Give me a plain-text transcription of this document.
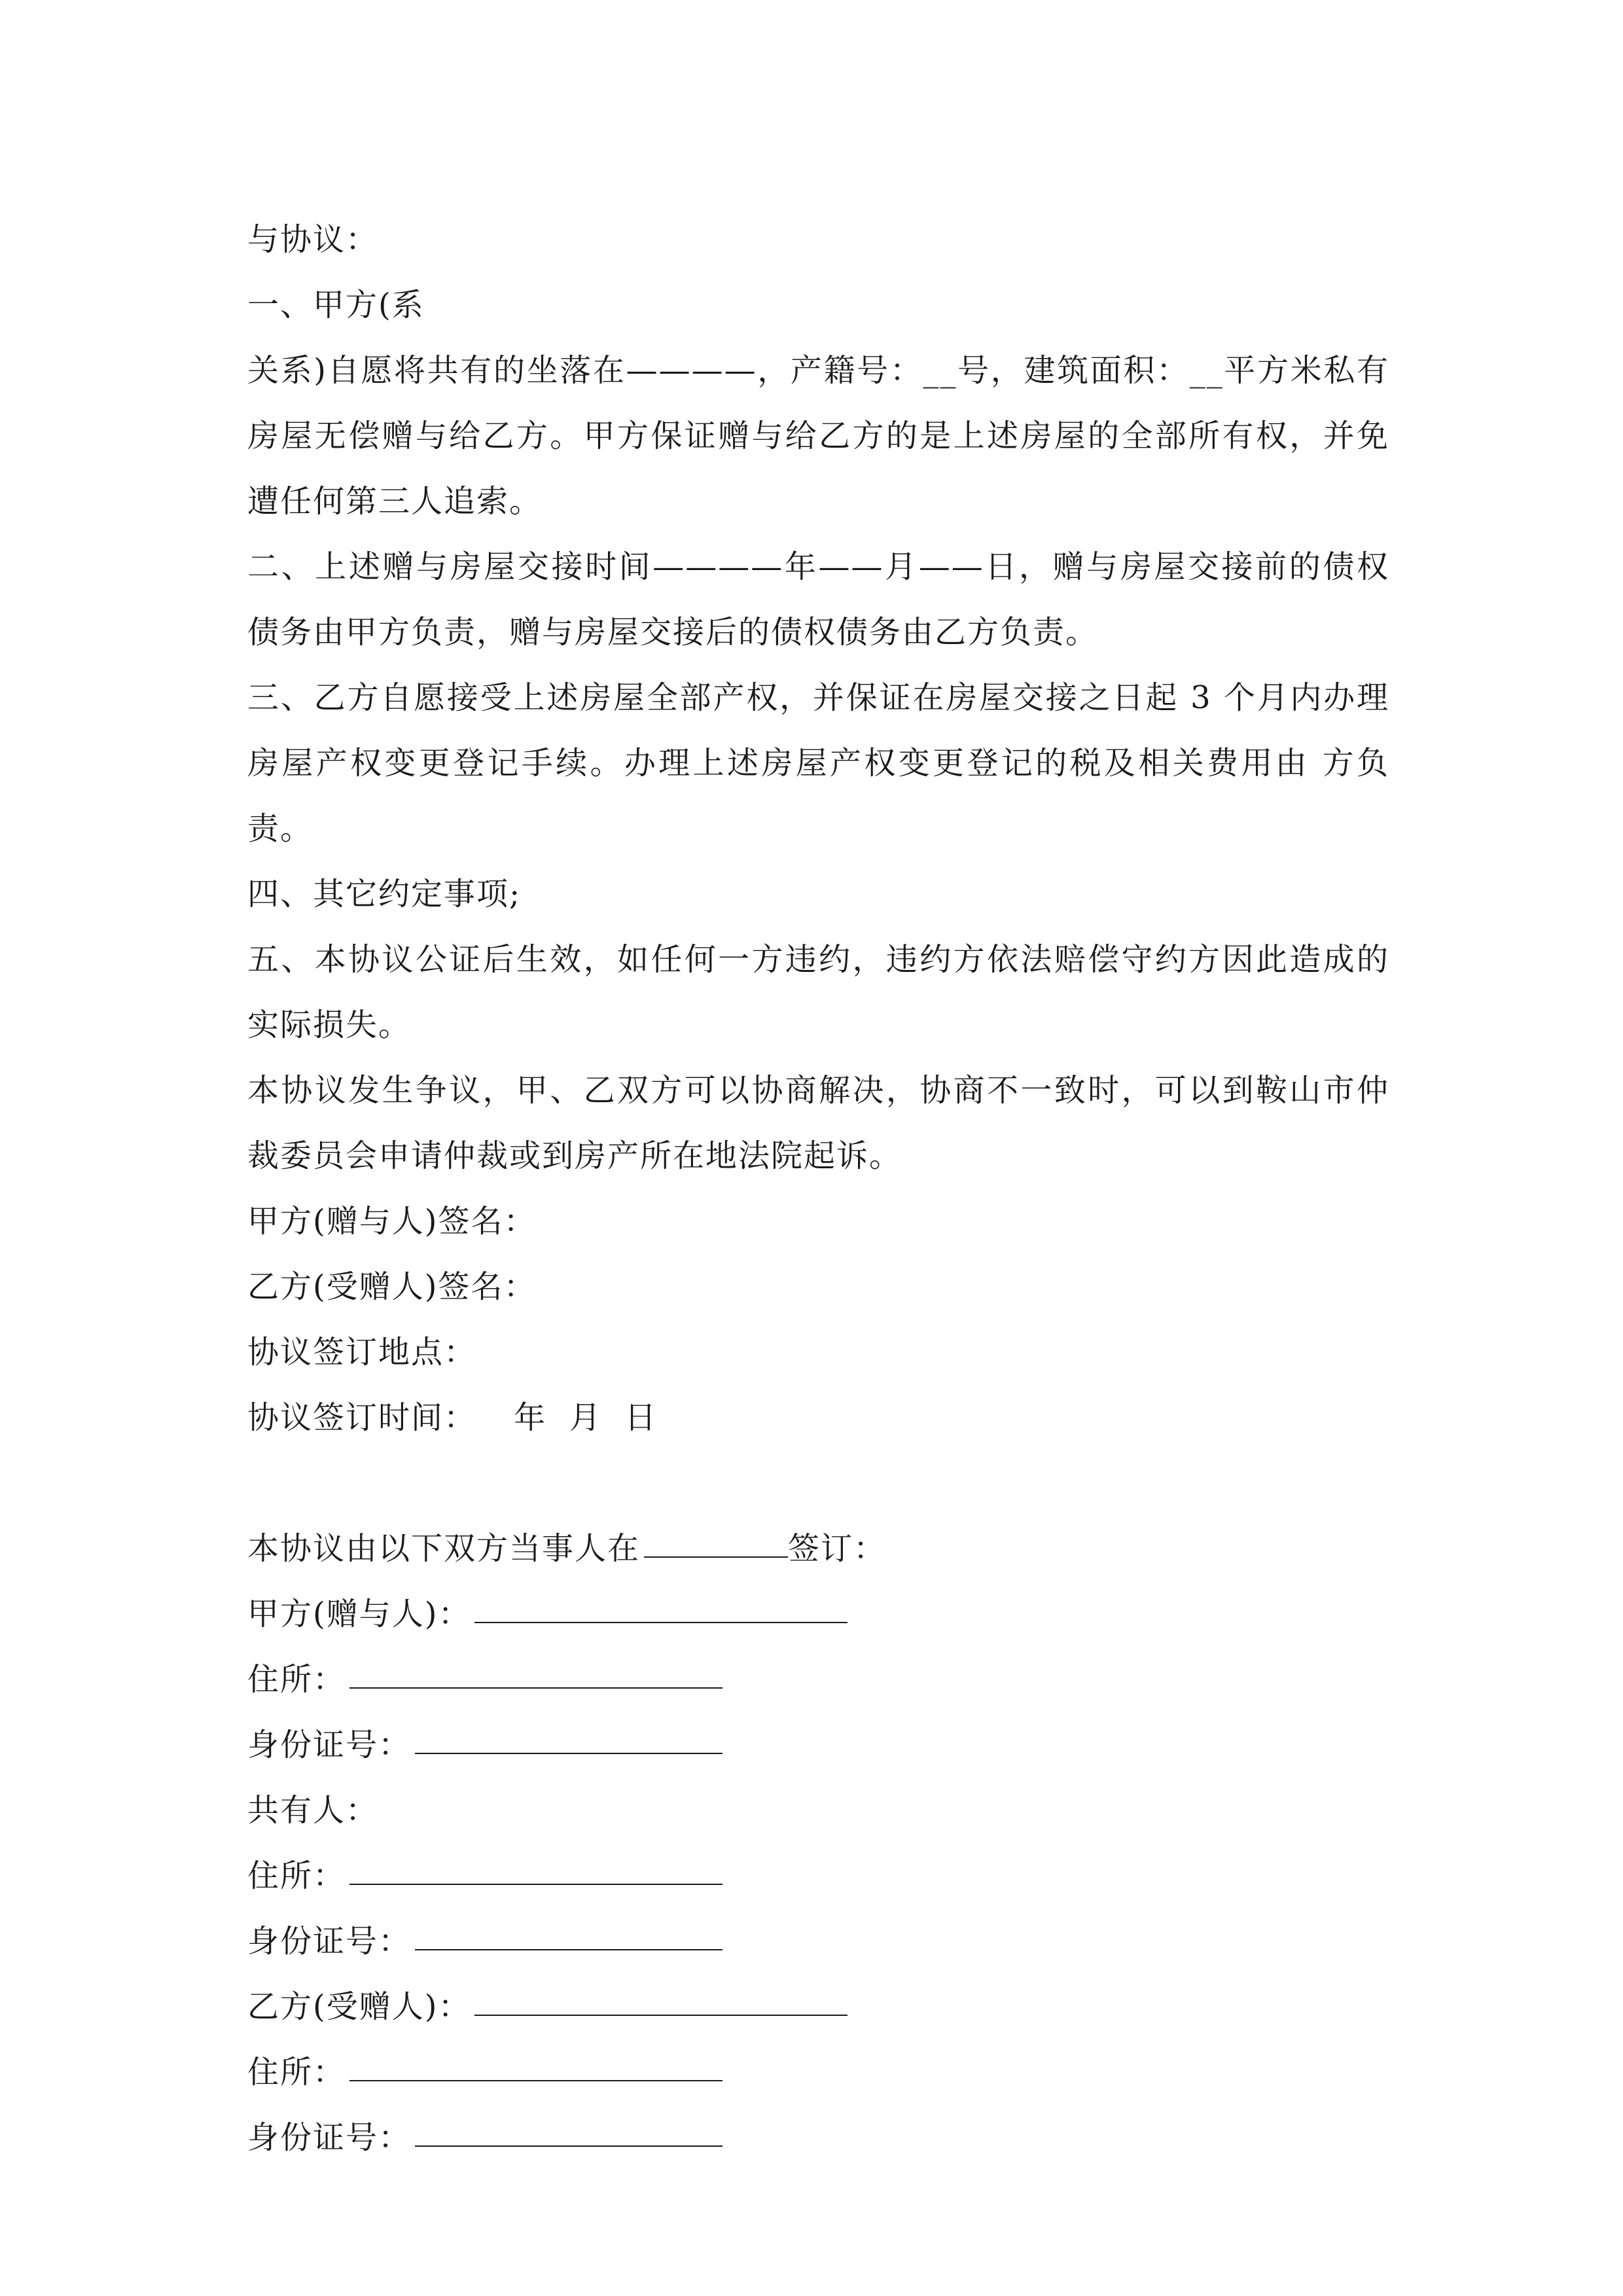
与协议：
一、甲方(系
关系)自愿将共有的坐落在————，产籍号：__号，建筑面积：__平方米私有房屋无偿赠与给乙方。甲方保证赠与给乙方的是上述房屋的全部所有权，并免遭任何第三人追索。
二、上述赠与房屋交接时间————年——月——日，赠与房屋交接前的债权债务由甲方负责，赠与房屋交接后的债权债务由乙方负责。
三、乙方自愿接受上述房屋全部产权，并保证在房屋交接之日起 3 个月内办理房屋产权变更登记手续。办理上述房屋产权变更登记的税及相关费用由 方负责。
四、其它约定事项;
五、本协议公证后生效，如任何一方违约，违约方依法赔偿守约方因此造成的实际损失。
本协议发生争议，甲、乙双方可以协商解决，协商不一致时，可以到鞍山市仲裁委员会申请仲裁或到房产所在地法院起诉。
甲方(赠与人)签名：
乙方(受赠人)签名：
协议签订地点：
协议签订时间： 年  月  日
本协议由以下双方当事人在	签订：
甲方(赠与人)：
住所：
身份证号：
共有人：
住所：
身份证号：
乙方(受赠人)：
住所：
身份证号：
